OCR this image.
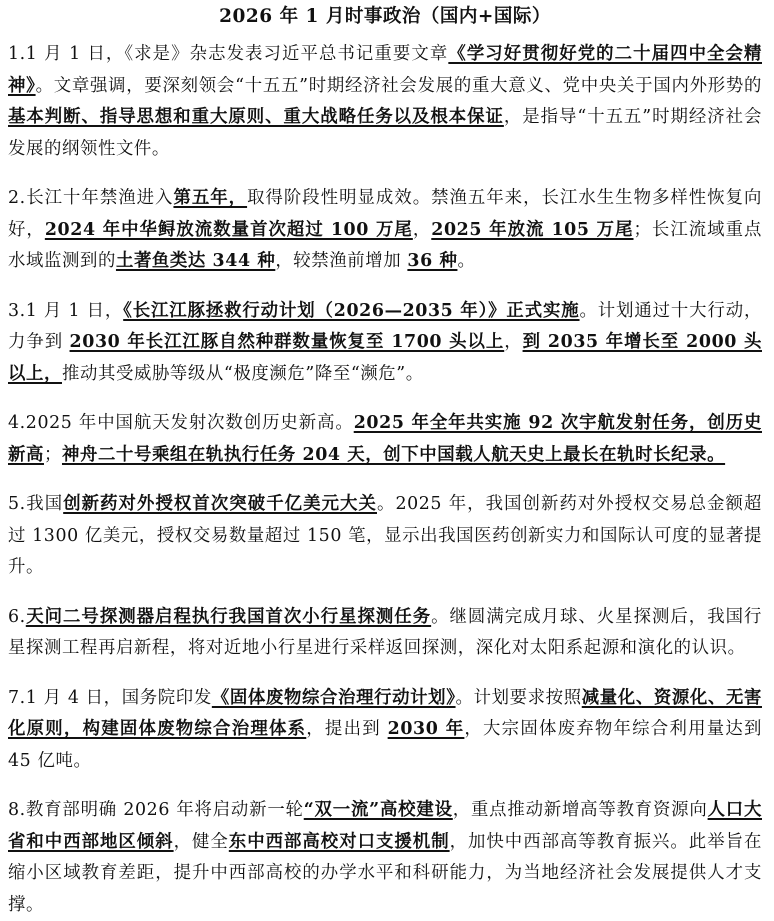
2026 年 1 月时事政治（国内+国际）
1.1 月 1 日，《求是》杂志发表习近平总书记重要文章《学习好贯彻好党的二十届四中全会精神》。文章强调，要深刻领会“十五五”时期经济社会发展的重大意义、党中央关于国内外形势的基本判断、指导思想和重大原则、重大战略任务以及根本保证，是指导“十五五”时期经济社会发展的纲领性文件。
2.长江十年禁渔进入第五年，取得阶段性明显成效。禁渔五年来，长江水生生物多样性恢复向好，2024 年中华鲟放流数量首次超过 100 万尾，2025 年放流 105 万尾；长江流域重点水域监测到的土著鱼类达 344 种，较禁渔前增加 36 种。
3.1 月 1 日，《长江江豚拯救行动计划（2026—2035 年）》正式实施。计划通过十大行动，力争到 2030 年长江江豚自然种群数量恢复至 1700 头以上，到 2035 年增长至 2000 头以上，推动其受威胁等级从“极度濒危”降至“濒危”。
4.2025 年中国航天发射次数创历史新高。2025 年全年共实施 92 次宇航发射任务，创历史新高；神舟二十号乘组在轨执行任务 204 天，创下中国载人航天史上最长在轨时长纪录。
5.我国创新药对外授权首次突破千亿美元大关。2025 年，我国创新药对外授权交易总金额超过 1300 亿美元，授权交易数量超过 150 笔，显示出我国医药创新实力和国际认可度的显著提升。
6.天问二号探测器启程执行我国首次小行星探测任务。继圆满完成月球、火星探测后，我国行星探测工程再启新程，将对近地小行星进行采样返回探测，深化对太阳系起源和演化的认识。
7.1 月 4 日，国务院印发《固体废物综合治理行动计划》。计划要求按照减量化、资源化、无害化原则，构建固体废物综合治理体系，提出到 2030 年，大宗固体废弃物年综合利用量达到 45 亿吨。
8.教育部明确 2026 年将启动新一轮“双一流”高校建设，重点推动新增高等教育资源向人口大省和中西部地区倾斜，健全东中西部高校对口支援机制，加快中西部高等教育振兴。此举旨在缩小区域教育差距，提升中西部高校的办学水平和科研能力，为当地经济社会发展提供人才支撑。
